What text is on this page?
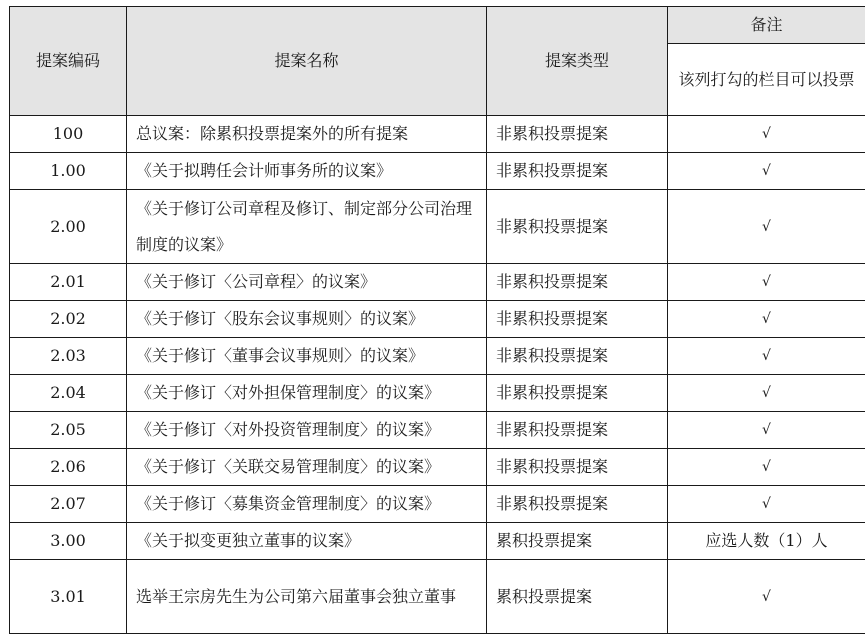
提案编码	提案名称	提案类型	备注
			该列打勾的栏目可以投票
100	总议案：除累积投票提案外的所有提案	非累积投票提案	√
1.00	《关于拟聘任会计师事务所的议案》	非累积投票提案	√
2.00	《关于修订公司章程及修订、制定部分公司治理制度的议案》	非累积投票提案	√
2.01	《关于修订〈公司章程〉的议案》	非累积投票提案	√
2.02	《关于修订〈股东会议事规则〉的议案》	非累积投票提案	√
2.03	《关于修订〈董事会议事规则〉的议案》	非累积投票提案	√
2.04	《关于修订〈对外担保管理制度〉的议案》	非累积投票提案	√
2.05	《关于修订〈对外投资管理制度〉的议案》	非累积投票提案	√
2.06	《关于修订〈关联交易管理制度〉的议案》	非累积投票提案	√
2.07	《关于修订〈募集资金管理制度〉的议案》	非累积投票提案	√
3.00	《关于拟变更独立董事的议案》	累积投票提案	应选人数（1）人
3.01	选举王宗房先生为公司第六届董事会独立董事	累积投票提案	√
